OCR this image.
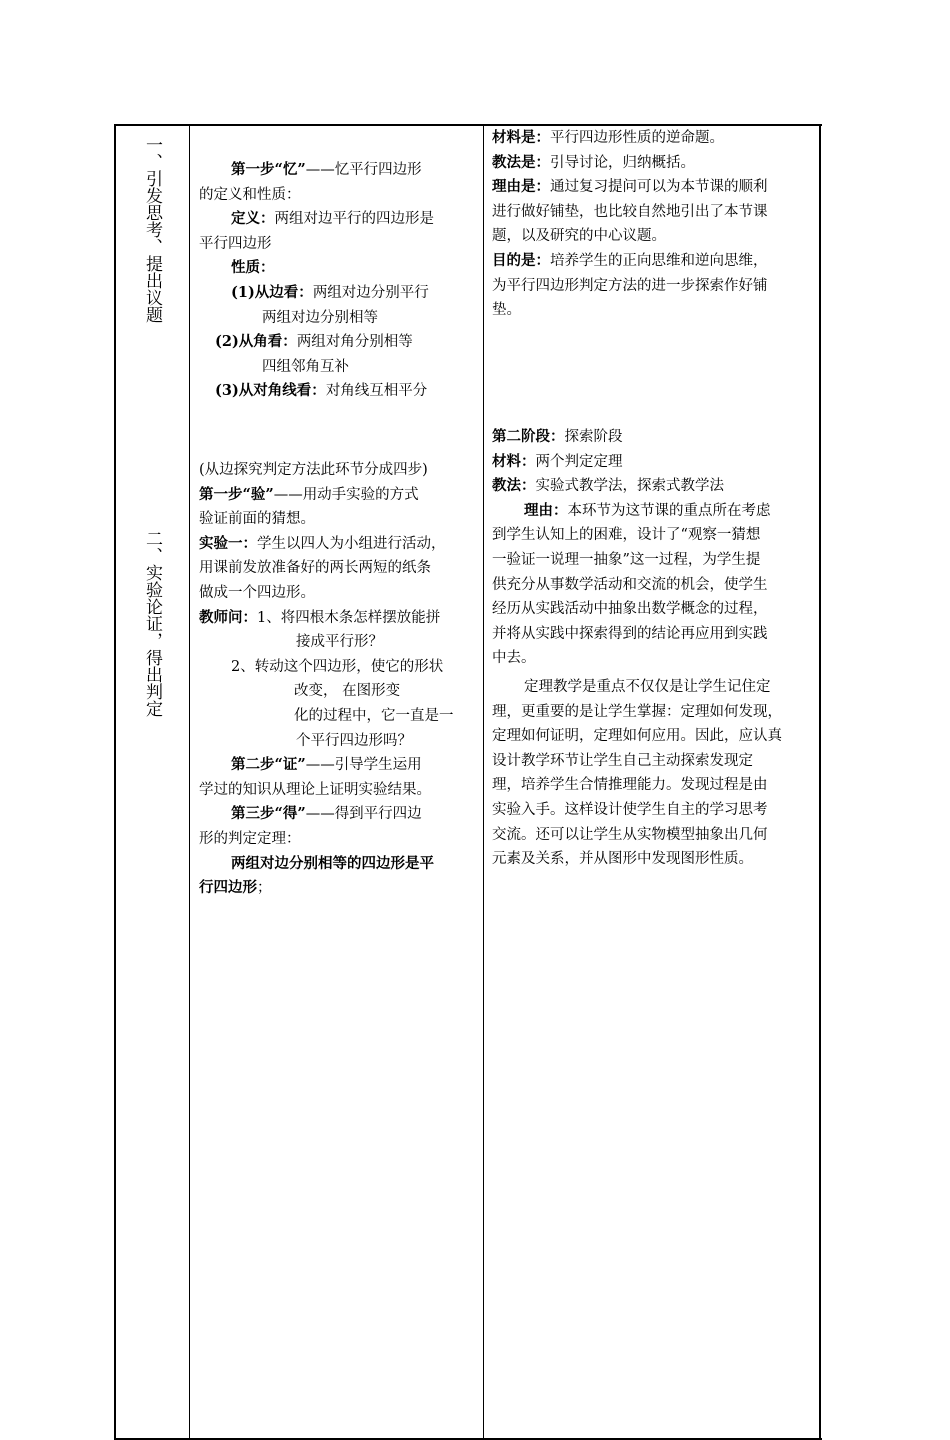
一、引发思考、提出议题
二、实验论证，得出判定

第一步“忆”——忆平行四边形

的定义和性质：

定义：两组对边平行的四边形是

平行四边形

性质：

(1)从边看：两组对边分别平行

两组对边分别相等

(2)从角看：两组对角分别相等

四组邻角互补

(3)从对角线看：对角线互相平分

(从边探究判定方法此环节分成四步)

第一步“验”——用动手实验的方式

验证前面的猜想。

实验一：学生以四人为小组进行活动，

用课前发放准备好的两长两短的纸条

做成一个四边形。

教师问：1、将四根木条怎样摆放能拼

接成平行形？

2、转动这个四边形，使它的形状

改变， 在图形变

化的过程中，它一直是一

个平行四边形吗？

第二步“证”——引导学生运用

学过的知识从理论上证明实验结果。

第三步“得”——得到平行四边

形的判定定理：

两组对边分别相等的四边形是平

行四边形；

材料是：平行四边形性质的逆命题。

教法是：引导讨论，归纳概括。

理由是：通过复习提问可以为本节课的顺利

进行做好铺垫，也比较自然地引出了本节课

题，以及研究的中心议题。

目的是：培养学生的正向思维和逆向思维，

为平行四边形判定方法的进一步探索作好铺

垫。

第二阶段：探索阶段

材料：两个判定定理

教法：实验式教学法，探索式教学法

理由：本环节为这节课的重点所在考虑

到学生认知上的困难，设计了“观察一猜想

一验证一说理一抽象”这一过程，为学生提

供充分从事数学活动和交流的机会，使学生

经历从实践活动中抽象出数学概念的过程，

并将从实践中探索得到的结论再应用到实践

中去。

定理教学是重点不仅仅是让学生记住定

理，更重要的是让学生掌握：定理如何发现，

定理如何证明，定理如何应用。因此，应认真

设计教学环节让学生自己主动探索发现定

理，培养学生合情推理能力。发现过程是由

实验入手。这样设计使学生自主的学习思考

交流。还可以让学生从实物模型抽象出几何

元素及关系，并从图形中发现图形性质。
